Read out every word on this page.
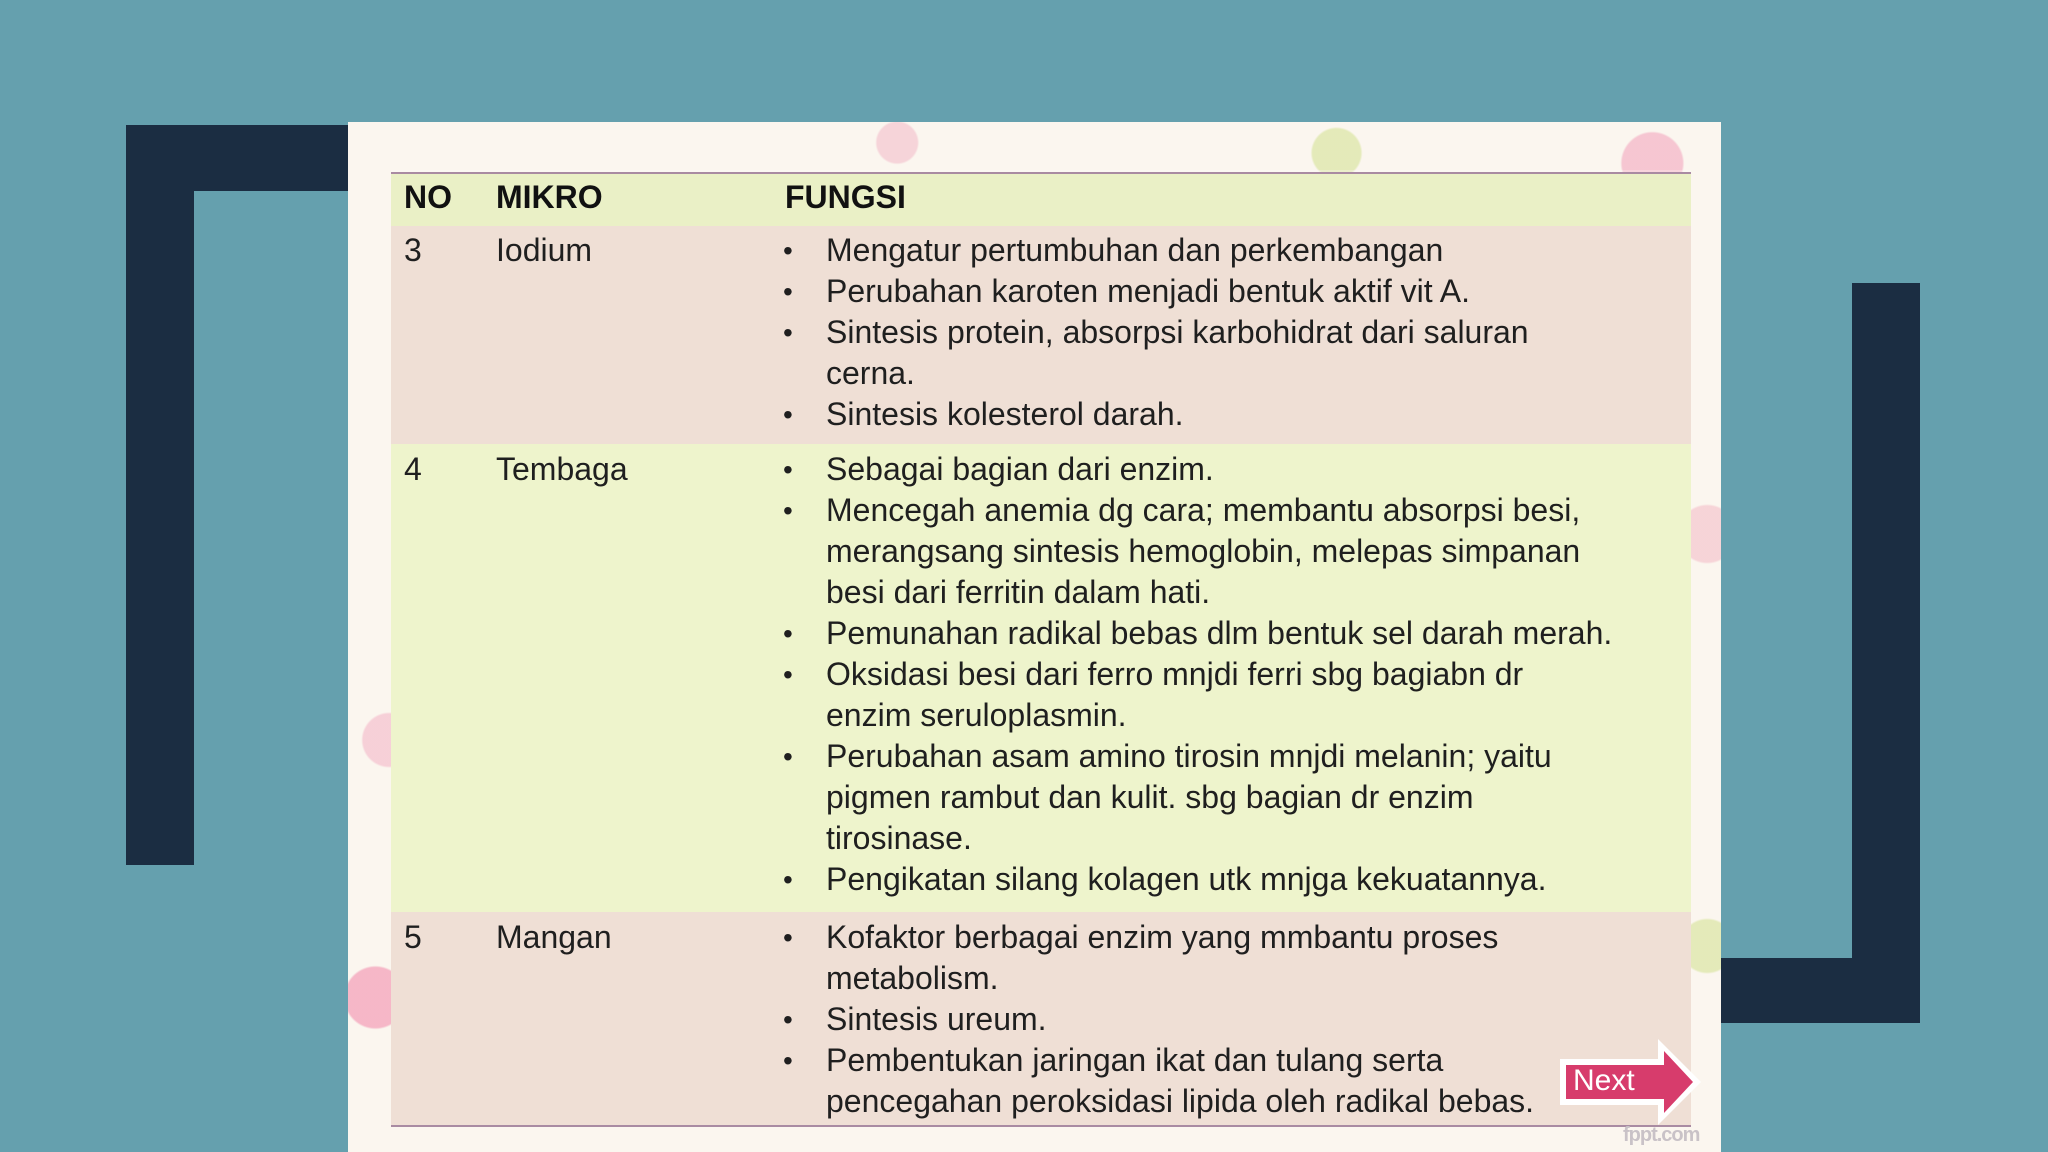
NO MIKRO	FUNGSI
3 Iodium	• Mengatur pertumbuhan dan perkembangan
• Perubahan karoten menjadi bentuk aktif vit A.
• Sintesis protein, absorpsi karbohidrat dari saluran
cerna.
• Sintesis kolesterol darah.
4 Tembaga	• Sebagai bagian dari enzim.
• Mencegah anemia dg cara; membantu absorpsi besi,
merangsang sintesis hemoglobin, melepas simpanan
besi dari ferritin dalam hati.
• Pemunahan radikal bebas dlm bentuk sel darah merah.
• Oksidasi besi dari ferro mnjdi ferri sbg bagiabn dr
enzim seruloplasmin.
• Perubahan asam amino tirosin mnjdi melanin; yaitu
pigmen rambut dan kulit. sbg bagian dr enzim
tirosinase.
• Pengikatan silang kolagen utk mnjga kekuatannya.
5 Mangan	• Kofaktor berbagai enzim yang mmbantu proses
metabolism.
• Sintesis ureum.
• Pembentukan jaringan ikat dan tulang serta
pencegahan peroksidasi lipida oleh radikal bebas.
Next
fppt.com
